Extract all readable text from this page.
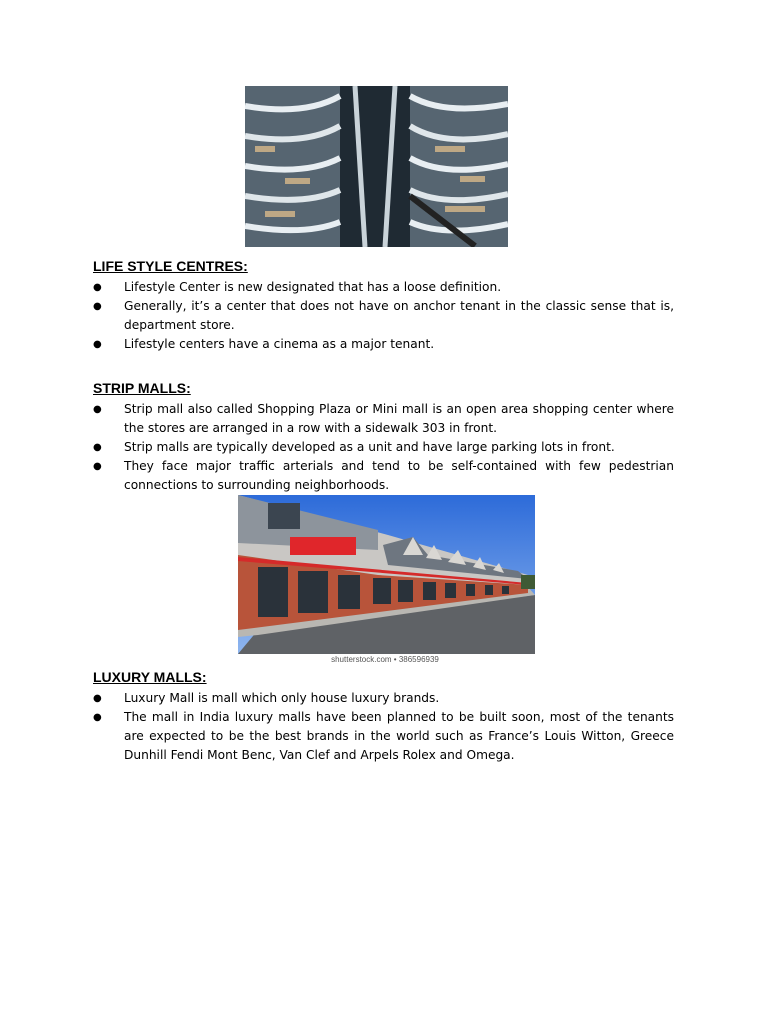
LIFE STYLE CENTRES:
● Lifestyle Center is new designated that has a loose definition.
● Generally, it’s a center that does not have on anchor tenant in the classic sense that is, department store.
● Lifestyle centers have a cinema as a major tenant.
STRIP MALLS:
● Strip mall also called Shopping Plaza or Mini mall is an open area shopping center where the stores are arranged in a row with a sidewalk 303 in front.
● Strip malls are typically developed as a unit and have large parking lots in front.
● They face major traffic arterials and tend to be self-contained with few pedestrian connections to surrounding neighborhoods.
shutterstock.com • 386596939
LUXURY MALLS:
● Luxury Mall is mall which only house luxury brands.
● The mall in India luxury malls have been planned to be built soon, most of the tenants are expected to be the best brands in the world such as France’s Louis Witton, Greece Dunhill Fendi Mont Benc, Van Clef and Arpels Rolex and Omega.
